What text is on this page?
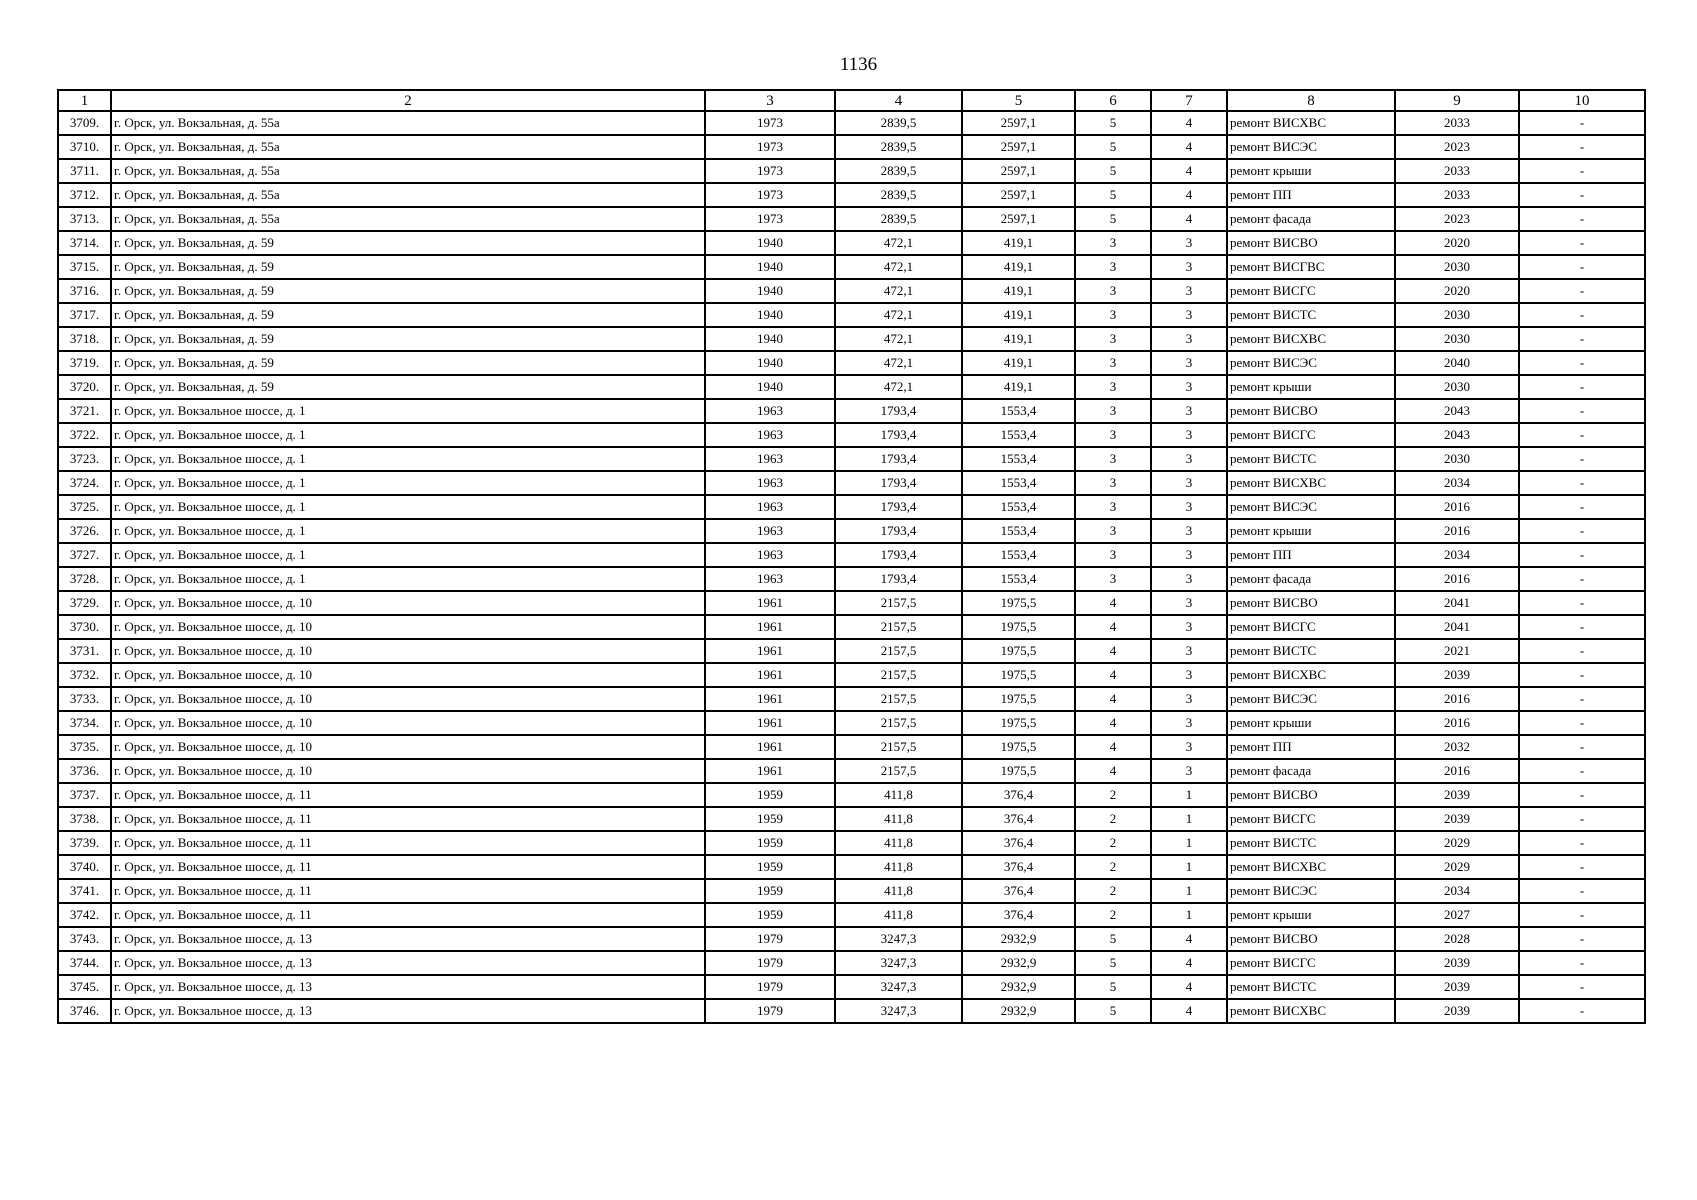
1136
1	2	3	4	5	6	7	8	9	10
3709.	г. Орск, ул. Вокзальная, д. 55а	1973	2839,5	2597,1	5	4	ремонт ВИСХВС	2033	-
3710.	г. Орск, ул. Вокзальная, д. 55а	1973	2839,5	2597,1	5	4	ремонт ВИСЭС	2023	-
3711.	г. Орск, ул. Вокзальная, д. 55а	1973	2839,5	2597,1	5	4	ремонт крыши	2033	-
3712.	г. Орск, ул. Вокзальная, д. 55а	1973	2839,5	2597,1	5	4	ремонт ПП	2033	-
3713.	г. Орск, ул. Вокзальная, д. 55а	1973	2839,5	2597,1	5	4	ремонт фасада	2023	-
3714.	г. Орск, ул. Вокзальная, д. 59	1940	472,1	419,1	3	3	ремонт ВИСВО	2020	-
3715.	г. Орск, ул. Вокзальная, д. 59	1940	472,1	419,1	3	3	ремонт ВИСГВС	2030	-
3716.	г. Орск, ул. Вокзальная, д. 59	1940	472,1	419,1	3	3	ремонт ВИСГС	2020	-
3717.	г. Орск, ул. Вокзальная, д. 59	1940	472,1	419,1	3	3	ремонт ВИСТС	2030	-
3718.	г. Орск, ул. Вокзальная, д. 59	1940	472,1	419,1	3	3	ремонт ВИСХВС	2030	-
3719.	г. Орск, ул. Вокзальная, д. 59	1940	472,1	419,1	3	3	ремонт ВИСЭС	2040	-
3720.	г. Орск, ул. Вокзальная, д. 59	1940	472,1	419,1	3	3	ремонт крыши	2030	-
3721.	г. Орск, ул. Вокзальное шоссе, д. 1	1963	1793,4	1553,4	3	3	ремонт ВИСВО	2043	-
3722.	г. Орск, ул. Вокзальное шоссе, д. 1	1963	1793,4	1553,4	3	3	ремонт ВИСГС	2043	-
3723.	г. Орск, ул. Вокзальное шоссе, д. 1	1963	1793,4	1553,4	3	3	ремонт ВИСТС	2030	-
3724.	г. Орск, ул. Вокзальное шоссе, д. 1	1963	1793,4	1553,4	3	3	ремонт ВИСХВС	2034	-
3725.	г. Орск, ул. Вокзальное шоссе, д. 1	1963	1793,4	1553,4	3	3	ремонт ВИСЭС	2016	-
3726.	г. Орск, ул. Вокзальное шоссе, д. 1	1963	1793,4	1553,4	3	3	ремонт крыши	2016	-
3727.	г. Орск, ул. Вокзальное шоссе, д. 1	1963	1793,4	1553,4	3	3	ремонт ПП	2034	-
3728.	г. Орск, ул. Вокзальное шоссе, д. 1	1963	1793,4	1553,4	3	3	ремонт фасада	2016	-
3729.	г. Орск, ул. Вокзальное шоссе, д. 10	1961	2157,5	1975,5	4	3	ремонт ВИСВО	2041	-
3730.	г. Орск, ул. Вокзальное шоссе, д. 10	1961	2157,5	1975,5	4	3	ремонт ВИСГС	2041	-
3731.	г. Орск, ул. Вокзальное шоссе, д. 10	1961	2157,5	1975,5	4	3	ремонт ВИСТС	2021	-
3732.	г. Орск, ул. Вокзальное шоссе, д. 10	1961	2157,5	1975,5	4	3	ремонт ВИСХВС	2039	-
3733.	г. Орск, ул. Вокзальное шоссе, д. 10	1961	2157,5	1975,5	4	3	ремонт ВИСЭС	2016	-
3734.	г. Орск, ул. Вокзальное шоссе, д. 10	1961	2157,5	1975,5	4	3	ремонт крыши	2016	-
3735.	г. Орск, ул. Вокзальное шоссе, д. 10	1961	2157,5	1975,5	4	3	ремонт ПП	2032	-
3736.	г. Орск, ул. Вокзальное шоссе, д. 10	1961	2157,5	1975,5	4	3	ремонт фасада	2016	-
3737.	г. Орск, ул. Вокзальное шоссе, д. 11	1959	411,8	376,4	2	1	ремонт ВИСВО	2039	-
3738.	г. Орск, ул. Вокзальное шоссе, д. 11	1959	411,8	376,4	2	1	ремонт ВИСГС	2039	-
3739.	г. Орск, ул. Вокзальное шоссе, д. 11	1959	411,8	376,4	2	1	ремонт ВИСТС	2029	-
3740.	г. Орск, ул. Вокзальное шоссе, д. 11	1959	411,8	376,4	2	1	ремонт ВИСХВС	2029	-
3741.	г. Орск, ул. Вокзальное шоссе, д. 11	1959	411,8	376,4	2	1	ремонт ВИСЭС	2034	-
3742.	г. Орск, ул. Вокзальное шоссе, д. 11	1959	411,8	376,4	2	1	ремонт крыши	2027	-
3743.	г. Орск, ул. Вокзальное шоссе, д. 13	1979	3247,3	2932,9	5	4	ремонт ВИСВО	2028	-
3744.	г. Орск, ул. Вокзальное шоссе, д. 13	1979	3247,3	2932,9	5	4	ремонт ВИСГС	2039	-
3745.	г. Орск, ул. Вокзальное шоссе, д. 13	1979	3247,3	2932,9	5	4	ремонт ВИСТС	2039	-
3746.	г. Орск, ул. Вокзальное шоссе, д. 13	1979	3247,3	2932,9	5	4	ремонт ВИСХВС	2039	-
